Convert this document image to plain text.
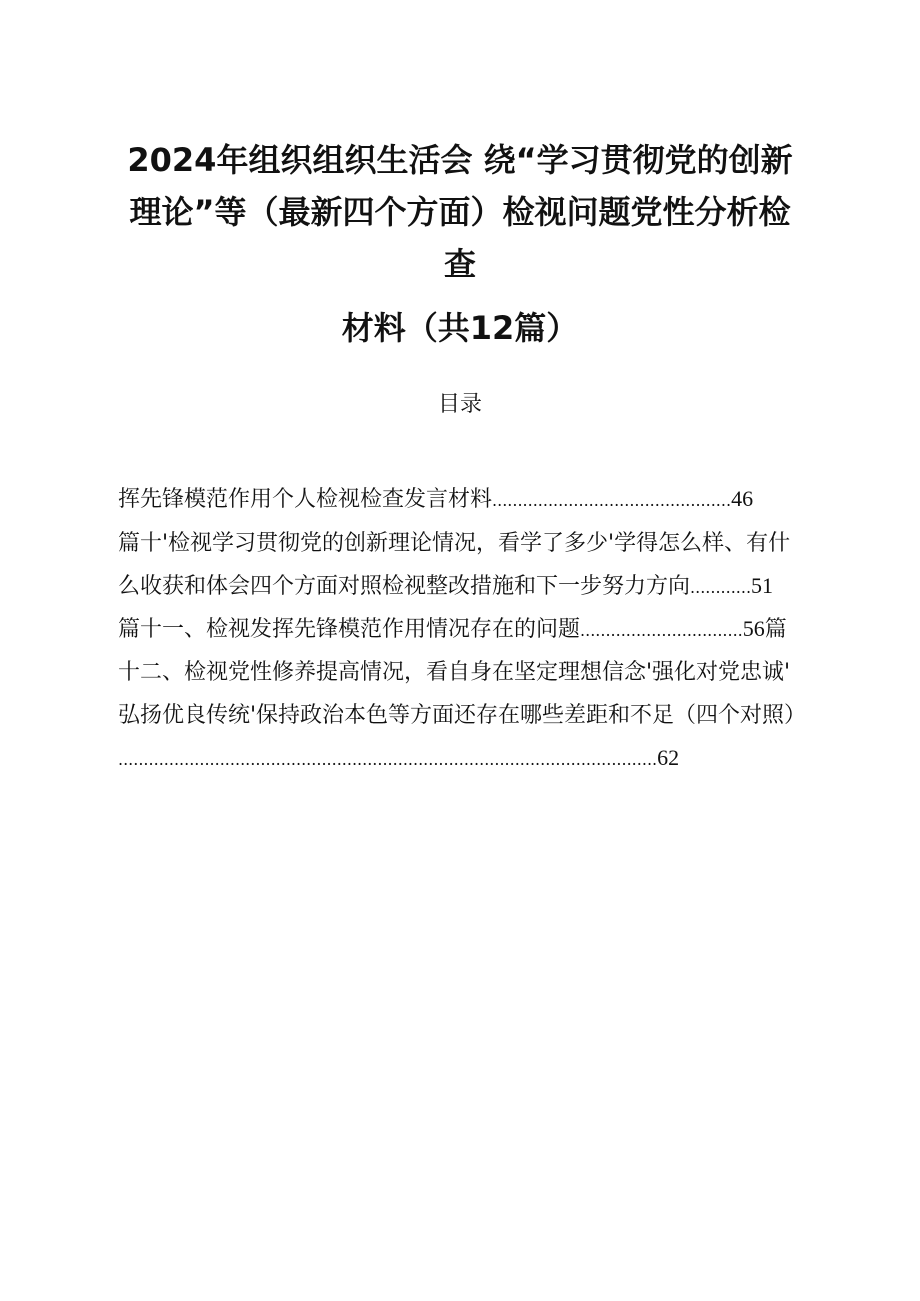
2024年组织组织生活会 绕“学习贯彻党的创新

理论”等（最新四个方面）检视问题党性分析检

查

材料（共12篇）

目录

挥先锋模范作用个人检视检查发言材料...............................................46

篇十'检视学习贯彻党的创新理论情况，看学了多少'学得怎么样、有什

么收获和体会四个方面对照检视整改措施和下一步努力方向............51

篇十一、检视发挥先锋模范作用情况存在的问题................................56篇

十二、检视党性修养提高情况，看自身在坚定理想信念'强化对党忠诚'

弘扬优良传统'保持政治本色等方面还存在哪些差距和不足（四个对照）

..........................................................................................................62
